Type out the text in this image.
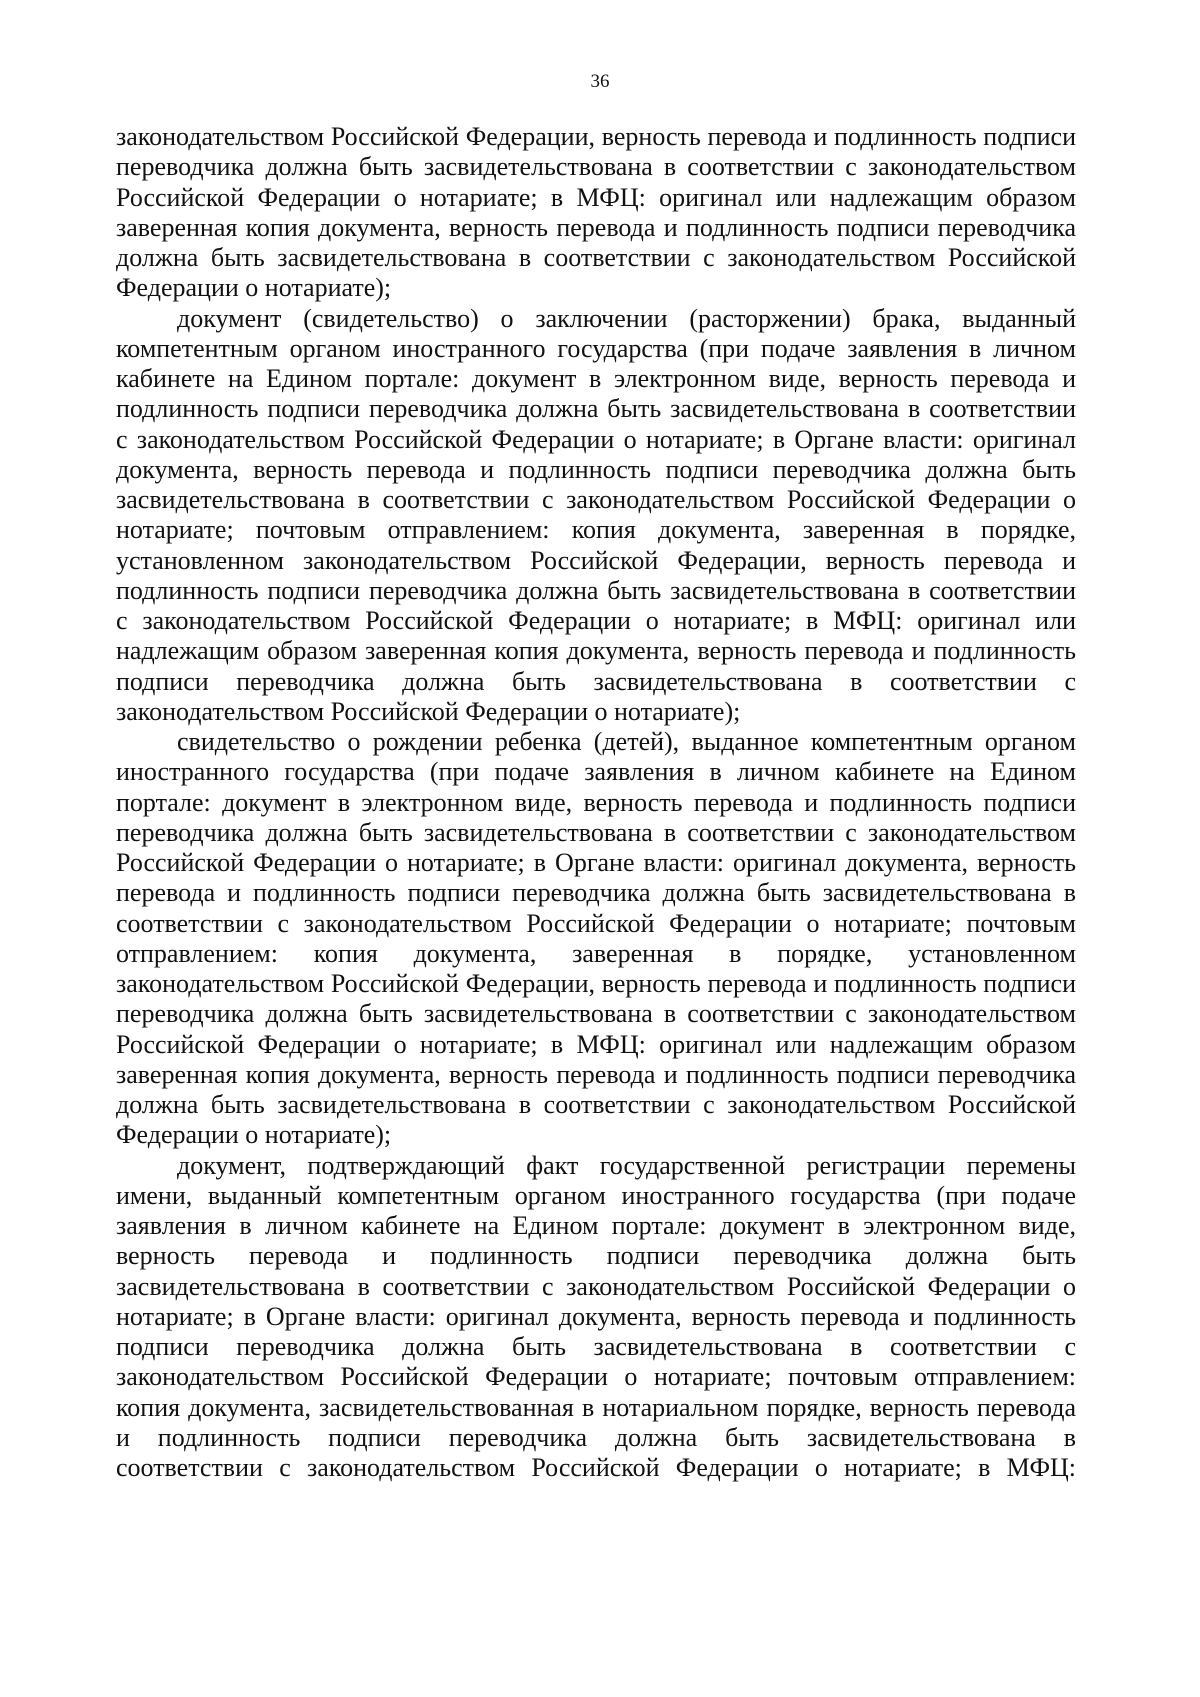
36

законодательством Российской Федерации, верность перевода и подлинность подписи переводчика должна быть засвидетельствована в соответствии с законодательством Российской Федерации о нотариате; в МФЦ: оригинал или надлежащим образом заверенная копия документа, верность перевода и подлинность подписи переводчика должна быть засвидетельствована в соответствии с законодательством Российской Федерации о нотариате);

документ (свидетельство) о заключении (расторжении) брака, выданный компетентным органом иностранного государства (при подаче заявления в личном кабинете на Едином портале: документ в электронном виде, верность перевода и подлинность подписи переводчика должна быть засвидетельствована в соответствии с законодательством Российской Федерации о нотариате; в Органе власти: оригинал документа, верность перевода и подлинность подписи переводчика должна быть засвидетельствована в соответствии с законодательством Российской Федерации о нотариате; почтовым отправлением: копия документа, заверенная в порядке, установленном законодательством Российской Федерации, верность перевода и подлинность подписи переводчика должна быть засвидетельствована в соответствии с законодательством Российской Федерации о нотариате; в МФЦ: оригинал или надлежащим образом заверенная копия документа, верность перевода и подлинность подписи переводчика должна быть засвидетельствована в соответствии с законодательством Российской Федерации о нотариате);

свидетельство о рождении ребенка (детей), выданное компетентным органом иностранного государства (при подаче заявления в личном кабинете на Едином портале: документ в электронном виде, верность перевода и подлинность подписи переводчика должна быть засвидетельствована в соответствии с законодательством Российской Федерации о нотариате; в Органе власти: оригинал документа, верность перевода и подлинность подписи переводчика должна быть засвидетельствована в соответствии с законодательством Российской Федерации о нотариате; почтовым отправлением: копия документа, заверенная в порядке, установленном законодательством Российской Федерации, верность перевода и подлинность подписи переводчика должна быть засвидетельствована в соответствии с законодательством Российской Федерации о нотариате; в МФЦ: оригинал или надлежащим образом заверенная копия документа, верность перевода и подлинность подписи переводчика должна быть засвидетельствована в соответствии с законодательством Российской Федерации о нотариате);

документ, подтверждающий факт государственной регистрации перемены имени, выданный компетентным органом иностранного государства (при подаче заявления в личном кабинете на Едином портале: документ в электронном виде, верность перевода и подлинность подписи переводчика должна быть засвидетельствована в соответствии с законодательством Российской Федерации о нотариате; в Органе власти: оригинал документа, верность перевода и подлинность подписи переводчика должна быть засвидетельствована в соответствии с законодательством Российской Федерации о нотариате; почтовым отправлением: копия документа, засвидетельствованная в нотариальном порядке, верность перевода и подлинность подписи переводчика должна быть засвидетельствована в соответствии с законодательством Российской Федерации о нотариате; в МФЦ:
